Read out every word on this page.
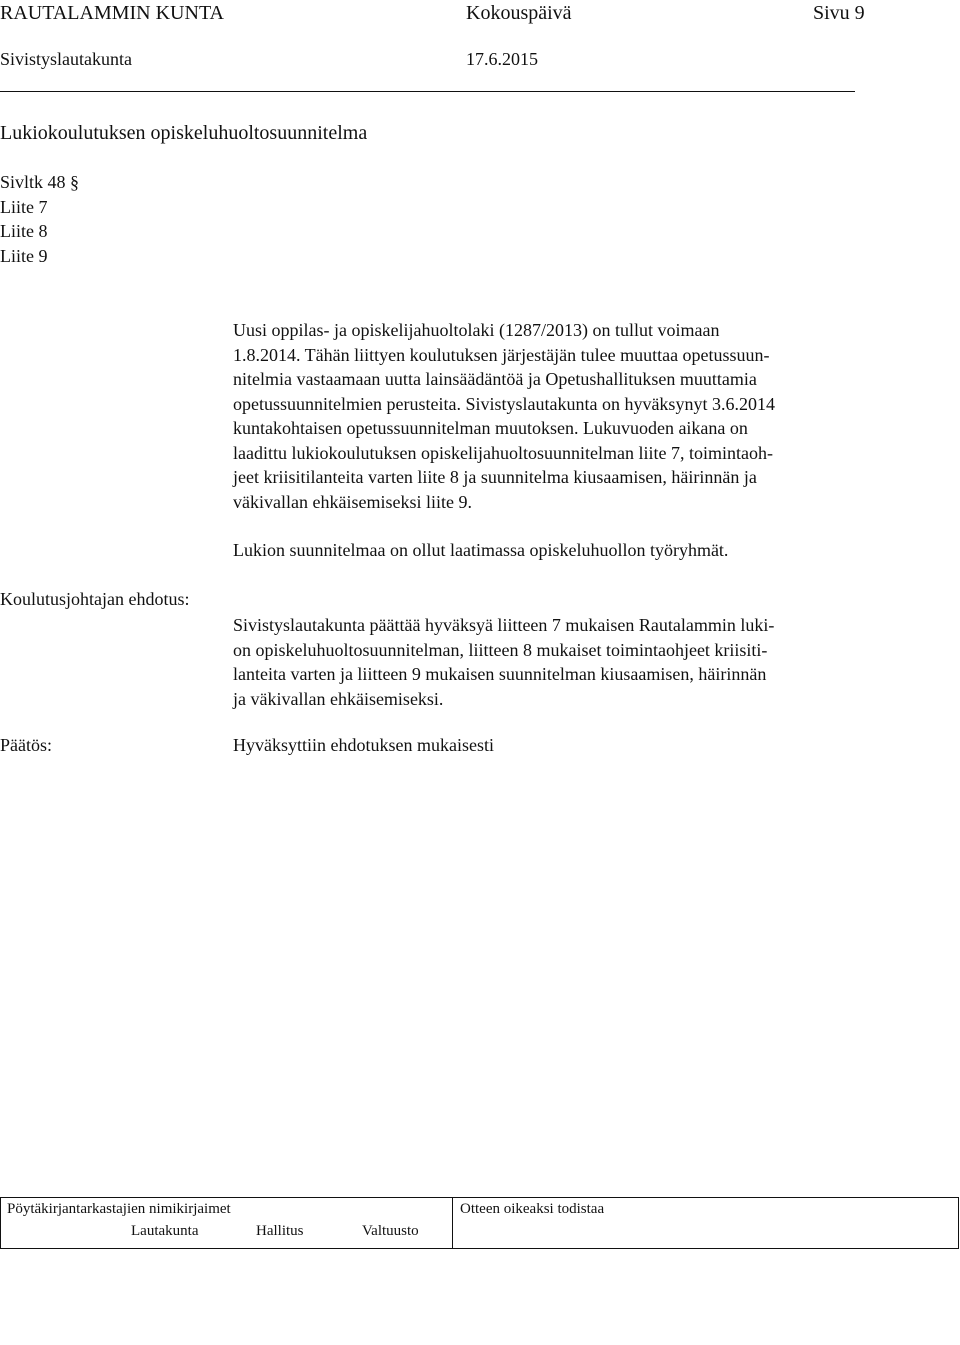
RAUTALAMMIN KUNTA	Kokouspäivä	Sivu 9
Sivistyslautakunta	17.6.2015
Lukiokoulutuksen opiskeluhuoltosuunnitelma
Sivltk 48 §
Liite 7
Liite 8
Liite 9
Uusi oppilas- ja opiskelijahuoltolaki (1287/2013) on tullut voimaan
1.8.2014. Tähän liittyen koulutuksen järjestäjän tulee muuttaa opetussuun-
nitelmia vastaamaan uutta lainsäädäntöä ja Opetushallituksen muuttamia
opetussuunnitelmien perusteita. Sivistyslautakunta on hyväksynyt 3.6.2014
kuntakohtaisen opetussuunnitelman muutoksen. Lukuvuoden aikana on
laadittu lukiokoulutuksen opiskelijahuoltosuunnitelman liite 7, toimintaoh-
jeet kriisitilanteita varten liite 8 ja suunnitelma kiusaamisen, häirinnän ja
väkivallan ehkäisemiseksi liite 9.
Lukion suunnitelmaa on ollut laatimassa opiskeluhuollon työryhmät.
Koulutusjohtajan ehdotus:
Sivistyslautakunta päättää hyväksyä liitteen 7 mukaisen Rautalammin luki-
on opiskeluhuoltosuunnitelman, liitteen 8 mukaiset toimintaohjeet kriisiti-
lanteita varten ja liitteen 9 mukaisen suunnitelman kiusaamisen, häirinnän
ja väkivallan ehkäisemiseksi.
Päätös:	Hyväksyttiin ehdotuksen mukaisesti
Pöytäkirjantarkastajien nimikirjaimet
Lautakunta	Hallitus	Valtuusto
Otteen oikeaksi todistaa
